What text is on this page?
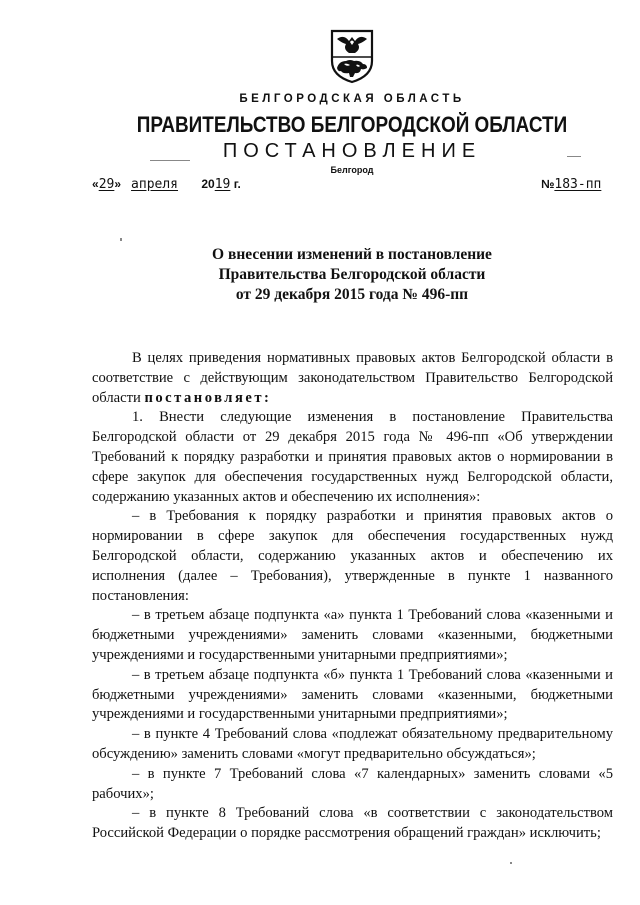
БЕЛГОРОДСКАЯ ОБЛАСТЬ
ПРАВИТЕЛЬСТВО БЕЛГОРОДСКОЙ ОБЛАСТИ
ПОСТАНОВЛЕНИЕ
Белгород
«29» апреля 2019 г.	№183-пп
О внесении изменений в постановление
Правительства Белгородской области
от 29 декабря 2015 года № 496-пп

В целях приведения нормативных правовых актов Белгородской области в соответствие с действующим законодательством Правительство Белгородской области постановляет:

1. Внести следующие изменения в постановление Правительства Белгородской области от 29 декабря 2015 года № 496-пп «Об утверждении Требований к порядку разработки и принятия правовых актов о нормировании в сфере закупок для обеспечения государственных нужд Белгородской области, содержанию указанных актов и обеспечению их исполнения»:

– в Требования к порядку разработки и принятия правовых актов о нормировании в сфере закупок для обеспечения государственных нужд Белгородской области, содержанию указанных актов и обеспечению их исполнения (далее – Требования), утвержденные в пункте 1 названного постановления:

– в третьем абзаце подпункта «а» пункта 1 Требований слова «казенными и бюджетными учреждениями» заменить словами «казенными, бюджетными учреждениями и государственными унитарными предприятиями»;

– в третьем абзаце подпункта «б» пункта 1 Требований слова «казенными и бюджетными учреждениями» заменить словами «казенными, бюджетными учреждениями и государственными унитарными предприятиями»;

– в пункте 4 Требований слова «подлежат обязательному предварительному обсуждению» заменить словами «могут предварительно обсуждаться»;

– в пункте 7 Требований слова «7 календарных» заменить словами «5 рабочих»;

– в пункте 8 Требований слова «в соответствии с законодательством Российской Федерации о порядке рассмотрения обращений граждан» исключить;
